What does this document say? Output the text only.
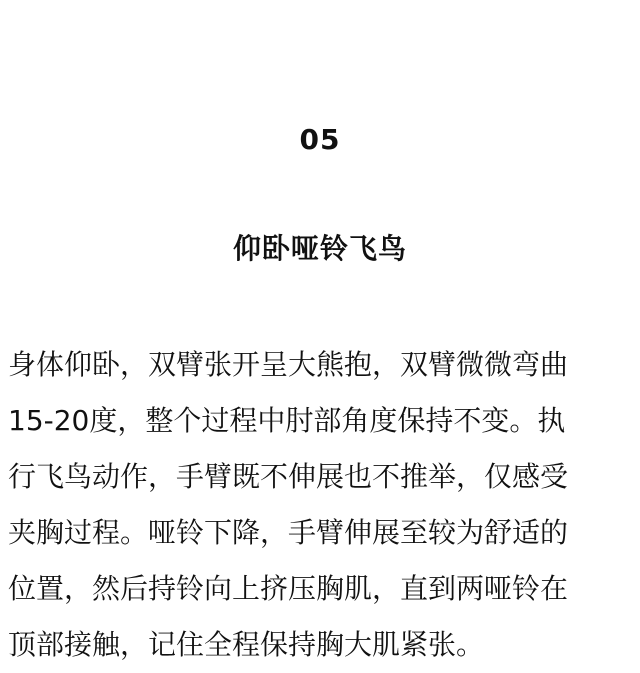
05
仰卧哑铃飞鸟

身体仰卧，双臂张开呈大熊抱，双臂微微弯曲
15-20度，整个过程中肘部角度保持不变。执
行飞鸟动作，手臂既不伸展也不推举，仅感受
夹胸过程。哑铃下降，手臂伸展至较为舒适的
位置，然后持铃向上挤压胸肌，直到两哑铃在
顶部接触，记住全程保持胸大肌紧张。
